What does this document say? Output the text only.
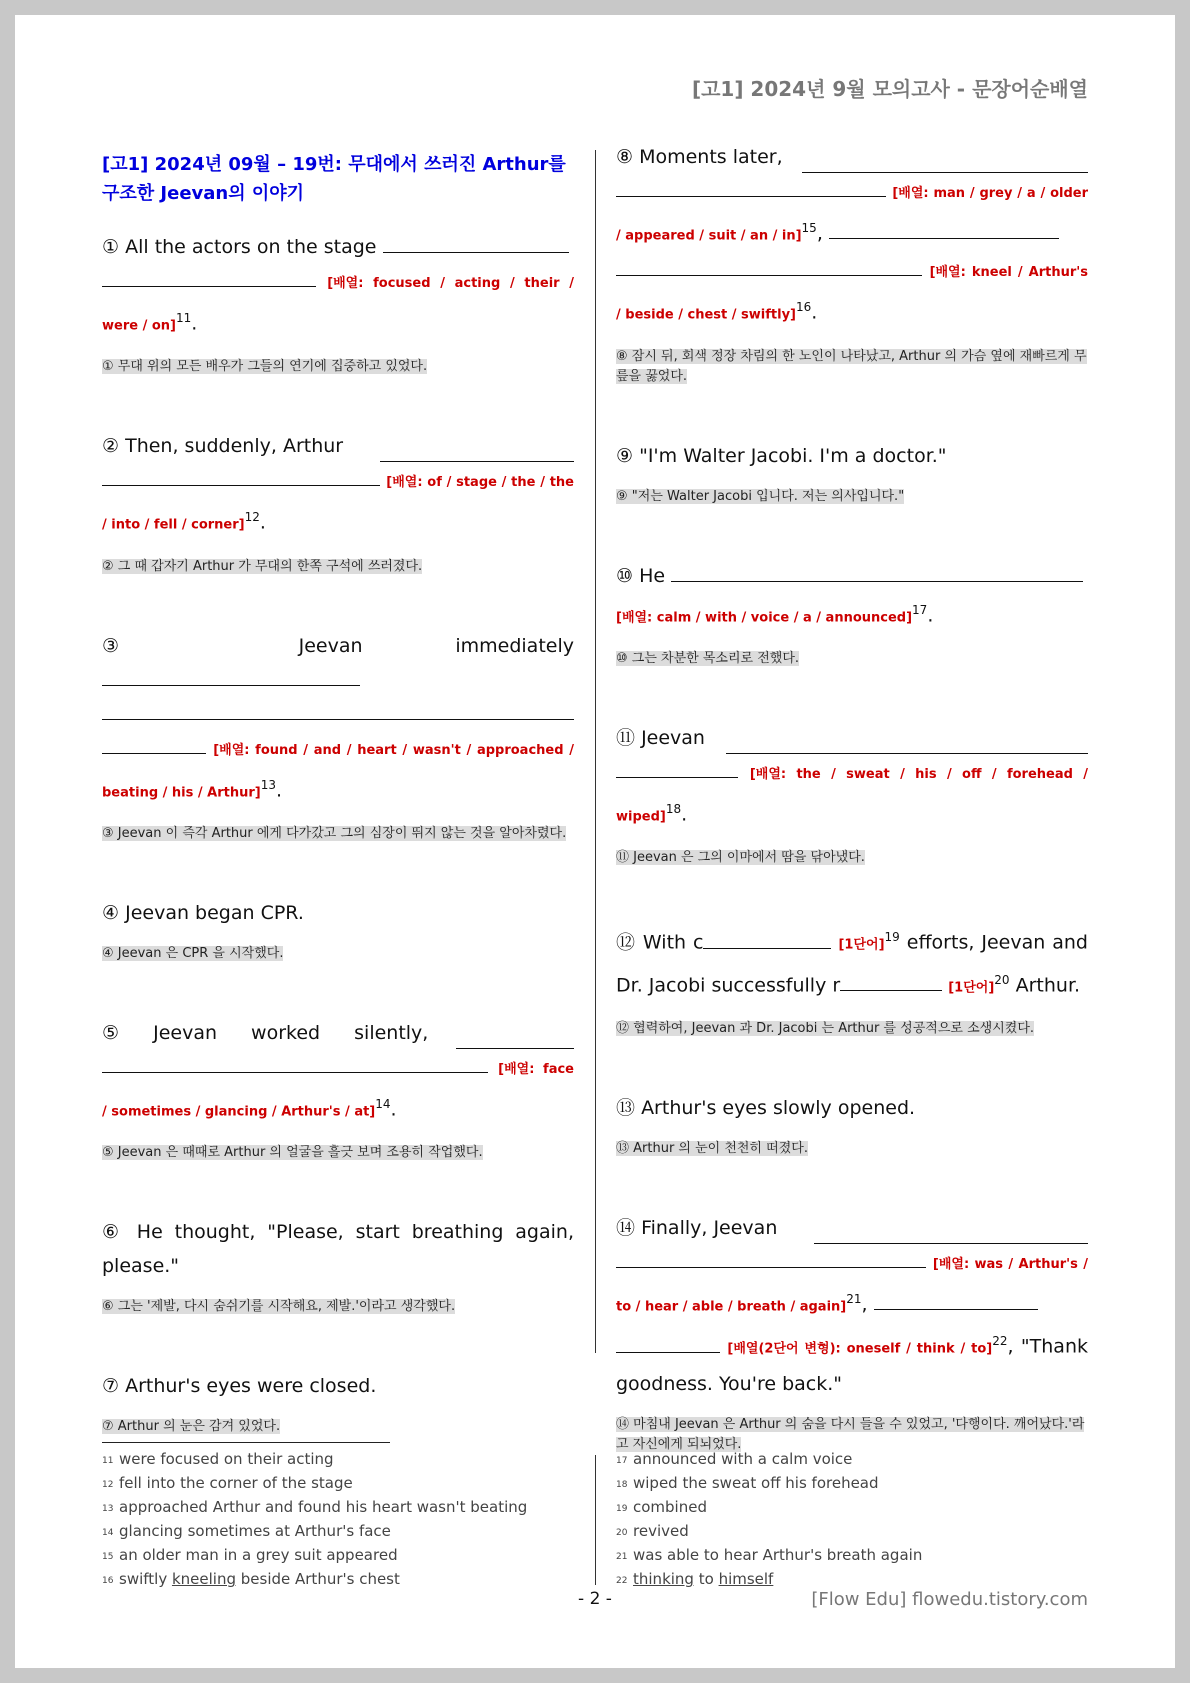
[고1] 2024년 9월 모의고사 - 문장어순배열

[고1] 2024년 09월 – 19번: 무대에서 쓰러진 Arthur를 구조한 Jeevan의 이야기

① All the actors on the stage
[배열: focused / acting / their / were / on]$^{11}$.

① 무대 위의 모든 배우가 그들의 연기에 집중하고 있었다.

② Then, suddenly, Arthur

[배열: of / stage / the / the / into / fell / corner]$^{12}$.

② 그 때 갑자기 Arthur 가 무대의 한쪽 구석에 쓰러졌다.

③	Jeevan immediately

[배열: found / and / heart / wasn't / approached / beating / his / Arthur]$^{13}$.

③ Jeevan 이 즉각 Arthur 에게 다가갔고 그의 심장이 뛰지 않는 것을 알아차렸다.

④ Jeevan began CPR.

④ Jeevan 은 CPR 을 시작했다.

⑤ Jeevan worked silently,

[배열: face / sometimes / glancing / Arthur's / at]$^{14}$.

⑤ Jeevan 은 때때로 Arthur 의 얼굴을 흘긋 보며 조용히 작업했다.

⑥ He thought, "Please, start breathing again, please."

⑥ 그는 '제발, 다시 숨쉬기를 시작해요, 제발.'이라고 생각했다.

⑦ Arthur's eyes were closed.

⑦ Arthur 의 눈은 감겨 있었다.

⑧ Moments later,

[배열: man / grey / a / older / appeared / suit / an / in]$^{15}$,
[배열: kneel / Arthur's / beside / chest / swiftly]$^{16}$.

⑧ 잠시 뒤, 회색 정장 차림의 한 노인이 나타났고, Arthur 의 가슴 옆에 재빠르게 무릎을 꿇었다.

⑨ "I'm Walter Jacobi. I'm a doctor."

⑨ "저는 Walter Jacobi 입니다. 저는 의사입니다."

⑩ He
[배열: calm / with / voice / a / announced]$^{17}$.

⑩ 그는 차분한 목소리로 전했다.

⑪ Jeevan

[배열: the / sweat / his / off / forehead / wiped]$^{18}$.

⑪ Jeevan 은 그의 이마에서 땀을 닦아냈다.

⑫ With c	[1단어]$^{19}$ efforts, Jeevan and Dr. Jacobi successfully r	[1단어]$^{20}$ Arthur.

⑫ 협력하여, Jeevan 과 Dr. Jacobi 는 Arthur 를 성공적으로 소생시켰다.

⑬ Arthur's eyes slowly opened.

⑬ Arthur 의 눈이 천천히 떠졌다.

⑭ Finally, Jeevan

[배열: was / Arthur's / to / hear / able / breath / again]$^{21}$,
[배열(2단어 변형): oneself / think / to]$^{22}$, "Thank goodness. You're back."

⑭ 마침내 Jeevan 은 Arthur 의 숨을 다시 들을 수 있었고, '다행이다. 깨어났다.'라고 자신에게 되뇌었다.

11 were focused on their acting
12 fell into the corner of the stage
13 approached Arthur and found his heart wasn't beating
14 glancing sometimes at Arthur's face
15 an older man in a grey suit appeared
16 swiftly kneeling beside Arthur's chest
17 announced with a calm voice
18 wiped the sweat off his forehead
19 combined
20 revived
21 was able to hear Arthur's breath again
22 thinking to himself
- 2 -	[Flow Edu] flowedu.tistory.com
